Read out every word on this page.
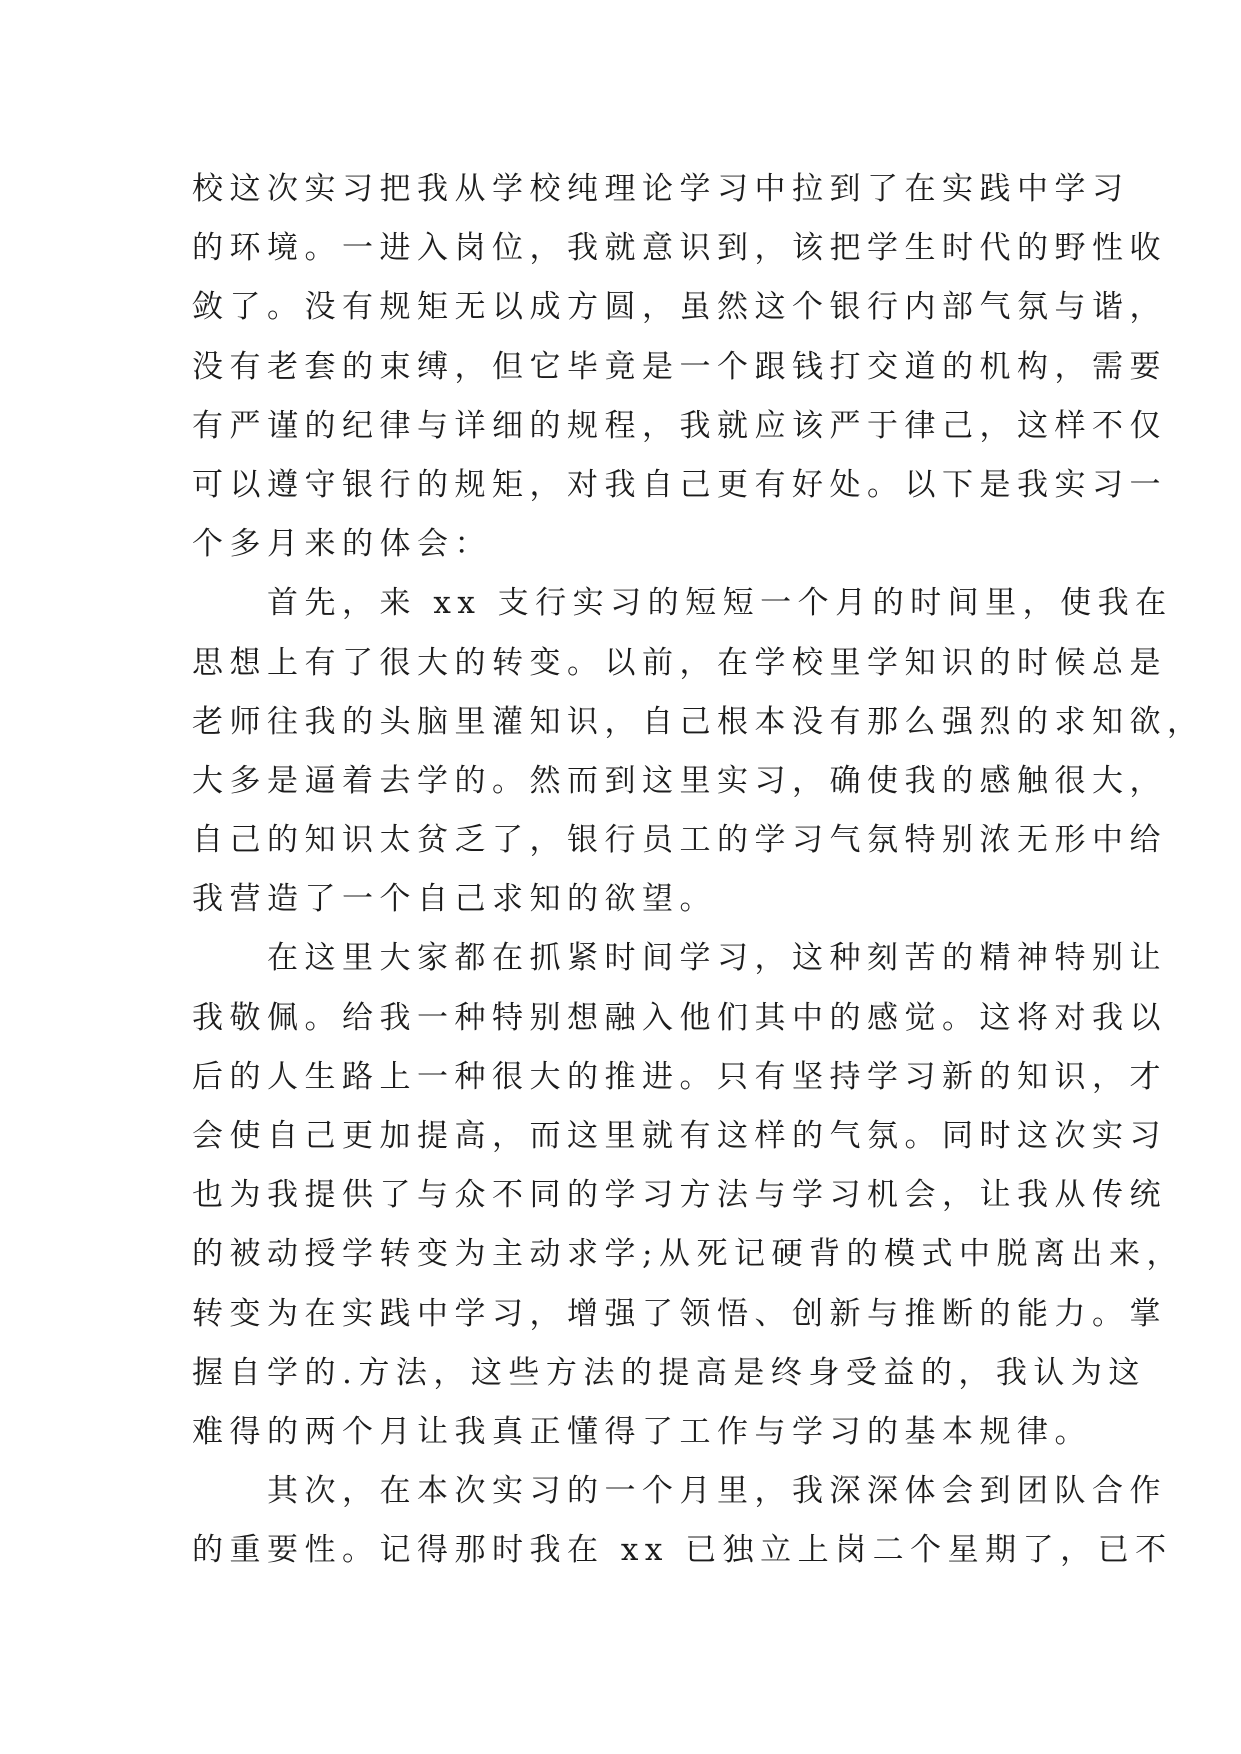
校这次实习把我从学校纯理论学习中拉到了在实践中学习
的环境。一进入岗位，我就意识到，该把学生时代的野性收
敛了。没有规矩无以成方圆，虽然这个银行内部气氛与谐，
没有老套的束缚，但它毕竟是一个跟钱打交道的机构，需要
有严谨的纪律与详细的规程，我就应该严于律己，这样不仅
可以遵守银行的规矩，对我自己更有好处。以下是我实习一
个多月来的体会：
　　首先，来 xx 支行实习的短短一个月的时间里，使我在
思想上有了很大的转变。以前，在学校里学知识的时候总是
老师往我的头脑里灌知识，自己根本没有那么强烈的求知欲，
大多是逼着去学的。然而到这里实习，确使我的感触很大，
自己的知识太贫乏了，银行员工的学习气氛特别浓无形中给
我营造了一个自己求知的欲望。
　　在这里大家都在抓紧时间学习，这种刻苦的精神特别让
我敬佩。给我一种特别想融入他们其中的感觉。这将对我以
后的人生路上一种很大的推进。只有坚持学习新的知识，才
会使自己更加提高，而这里就有这样的气氛。同时这次实习
也为我提供了与众不同的学习方法与学习机会，让我从传统
的被动授学转变为主动求学;从死记硬背的模式中脱离出来，
转变为在实践中学习，增强了领悟、创新与推断的能力。掌
握自学的.方法，这些方法的提高是终身受益的，我认为这
难得的两个月让我真正懂得了工作与学习的基本规律。
　　其次，在本次实习的一个月里，我深深体会到团队合作
的重要性。记得那时我在 xx 已独立上岗二个星期了，已不
